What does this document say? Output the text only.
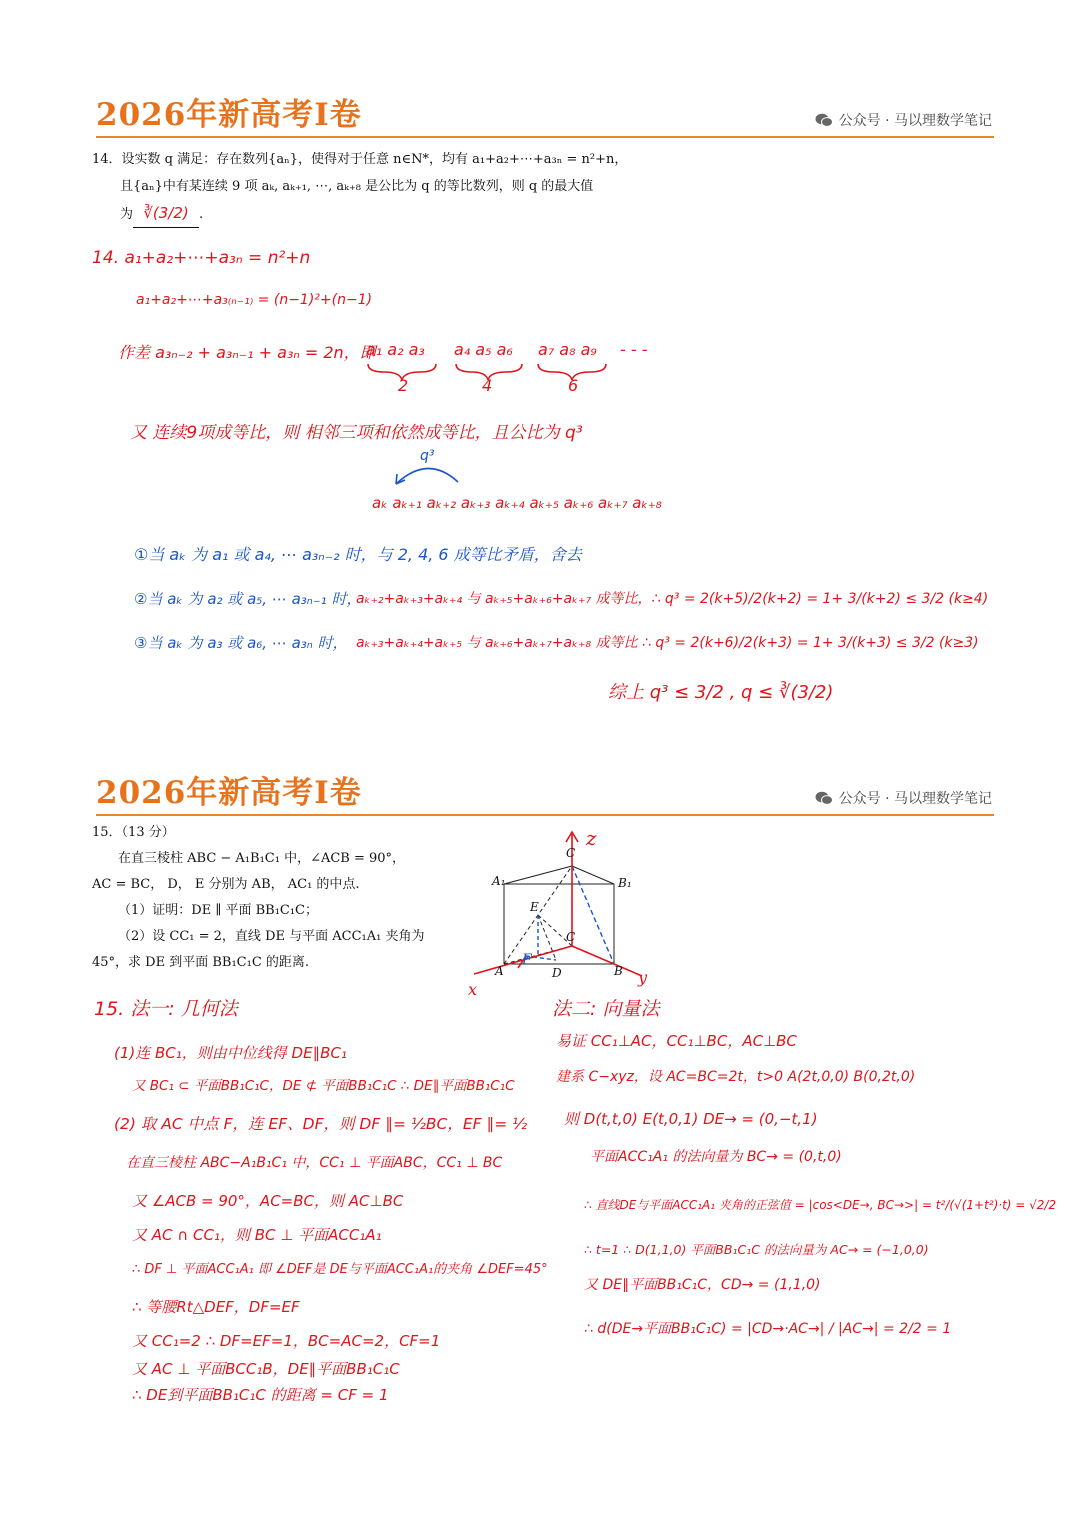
2026年新高考I卷	公众号 · 马以理数学笔记
14．设实数 q 满足：存在数列{aₙ}，使得对于任意 n∈N*，均有 a₁+a₂+⋯+a₃ₙ = n²+n，
且{aₙ}中有某连续 9 项 aₖ, aₖ₊₁, ⋯, aₖ₊₈ 是公比为 q 的等比数列，则 q 的最大值
为 ∛(3/2) .
14. a₁+a₂+⋯+a₃ₙ = n²+n
a₁+a₂+⋯+a₃₍ₙ₋₁₎ = (n−1)²+(n−1)
作差 a₃ₙ₋₂ + a₃ₙ₋₁ + a₃ₙ = 2n，即
a₁ a₂ a₃ a₄ a₅ a₆ a₇ a₈ a₉ - - -
2	4	6
又 连续9项成等比，则 相邻三项和依然成等比，且公比为 q³
q³
aₖ aₖ₊₁ aₖ₊₂ aₖ₊₃ aₖ₊₄ aₖ₊₅ aₖ₊₆ aₖ₊₇ aₖ₊₈
①当 aₖ 为 a₁ 或 a₄, ⋯ a₃ₙ₋₂ 时，与 2, 4, 6 成等比矛盾，舍去
②当 aₖ 为 a₂ 或 a₅, ⋯ a₃ₙ₋₁ 时，
aₖ₊₂+aₖ₊₃+aₖ₊₄ 与 aₖ₊₅+aₖ₊₆+aₖ₊₇ 成等比，∴ q³ = 2(k+5)/2(k+2) = 1+ 3/(k+2) ≤ 3/2 (k≥4)
③当 aₖ 为 a₃ 或 a₆, ⋯ a₃ₙ 时， aₖ₊₃+aₖ₊₄+aₖ₊₅ 与 aₖ₊₆+aₖ₊₇+aₖ₊₈ 成等比 ∴ q³ = 2(k+6)/2(k+3) = 1+ 3/(k+3) ≤ 3/2 (k≥3)
综上 q³ ≤ 3/2 , q ≤ ∛(3/2)
2026年新高考I卷	公众号 · 马以理数学笔记
15．（13 分）
在直三棱柱 ABC − A₁B₁C₁ 中，∠ACB = 90°，
AC = BC， D， E 分别为 AB， AC₁ 的中点.
（1）证明：DE ∥ 平面 BB₁C₁C；
（2）设 CC₁ = 2，直线 DE 与平面 ACC₁A₁ 夹角为
45°，求 DE 到平面 BB₁C₁C 的距离.
A₁	B₁
C
A	B
C
D
E
F
z
x
y
15. 法一: 几何法
(1)连 BC₁，则由中位线得 DE∥BC₁
又 BC₁ ⊂ 平面BB₁C₁C，DE ⊄ 平面BB₁C₁C ∴ DE∥平面BB₁C₁C
(2) 取 AC 中点 F，连 EF、DF，则 DF ∥= ½BC，EF ∥= ½
在直三棱柱 ABC−A₁B₁C₁ 中，CC₁ ⊥ 平面ABC，CC₁ ⊥ BC
又 ∠ACB = 90°，AC=BC，则 AC⊥BC
又 AC ∩ CC₁，则 BC ⊥ 平面ACC₁A₁
∴ DF ⊥ 平面ACC₁A₁ 即 ∠DEF是 DE与平面ACC₁A₁的夹角 ∠DEF=45°
∴ 等腰Rt△DEF，DF=EF
又 CC₁=2 ∴ DF=EF=1，BC=AC=2，CF=1
又 AC ⊥ 平面BCC₁B，DE∥平面BB₁C₁C
∴ DE到平面BB₁C₁C 的距离 = CF = 1
法二: 向量法
易证 CC₁⊥AC，CC₁⊥BC，AC⊥BC
建系 C−xyz，设 AC=BC=2t，t>0 A(2t,0,0) B(0,2t,0)
则 D(t,t,0) E(t,0,1) DE→ = (0,−t,1)
平面ACC₁A₁ 的法向量为 BC→ = (0,t,0)
∴ 直线DE与平面ACC₁A₁ 夹角的正弦值 = |cos<DE→, BC→>| = t²/(√(1+t²)·t) = √2/2
∴ t=1 ∴ D(1,1,0) 平面BB₁C₁C 的法向量为 AC→ = (−1,0,0)
又 DE∥平面BB₁C₁C，CD→ = (1,1,0)
∴ d(DE→平面BB₁C₁C) = |CD→·AC→| / |AC→| = 2/2 = 1
